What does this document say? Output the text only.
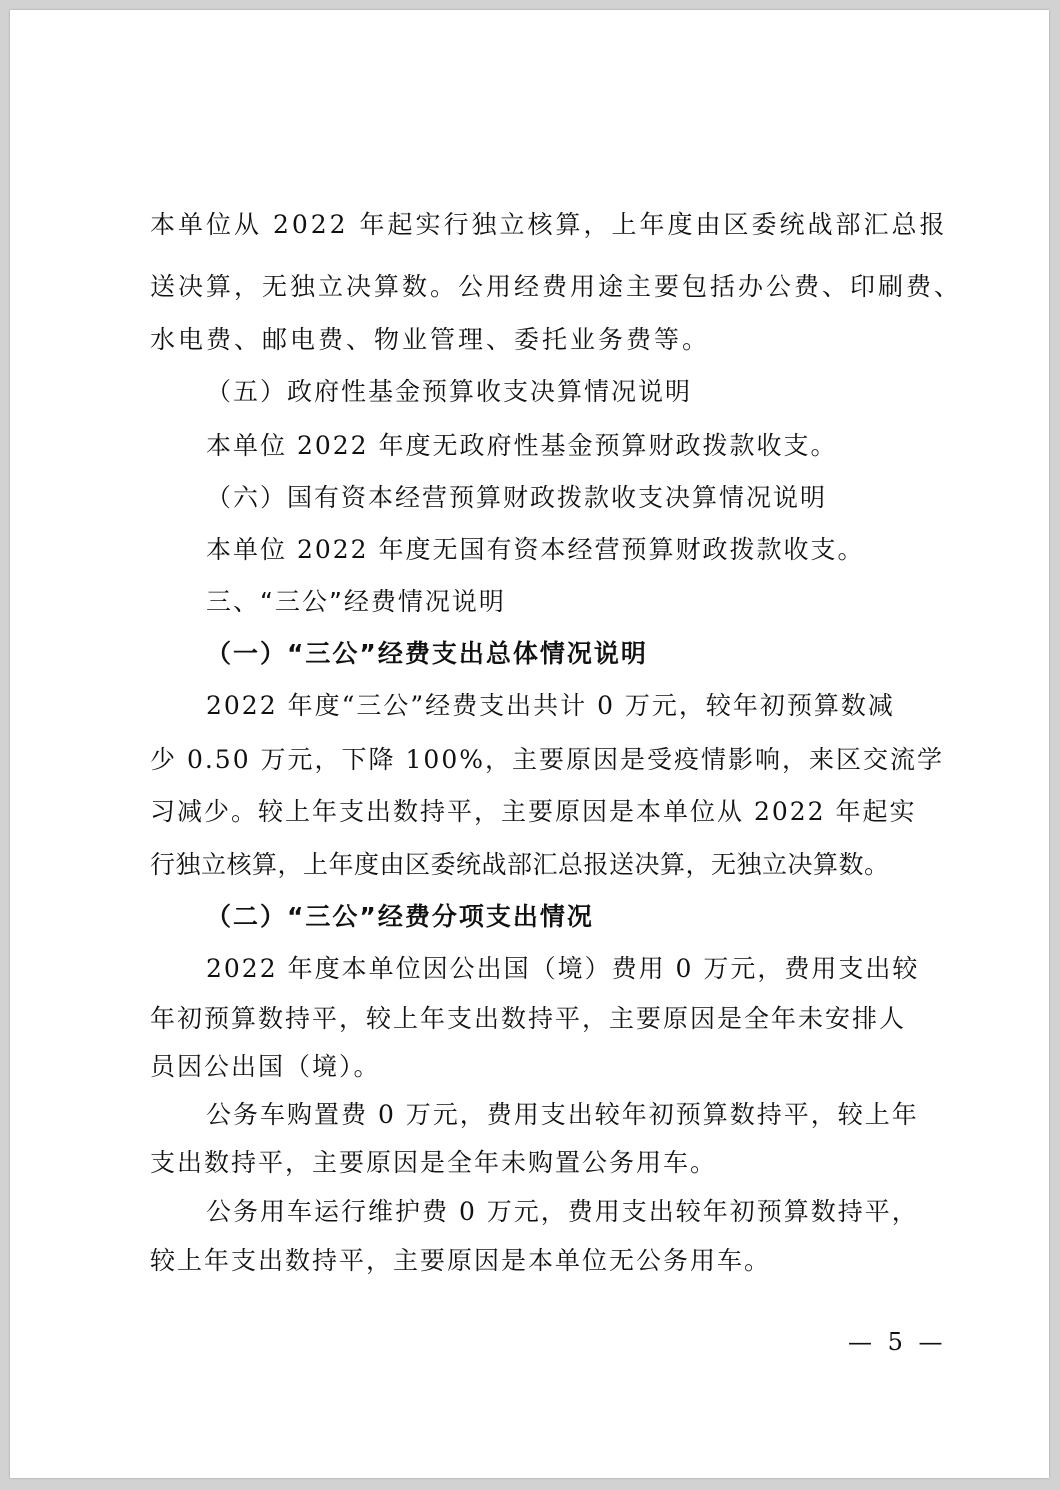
本单位从 2022 年起实行独立核算，上年度由区委统战部汇总报
送决算，无独立决算数。公用经费用途主要包括办公费、印刷费、
水电费、邮电费、物业管理、委托业务费等。
（五）政府性基金预算收支决算情况说明
本单位 2022 年度无政府性基金预算财政拨款收支。
（六）国有资本经营预算财政拨款收支决算情况说明
本单位 2022 年度无国有资本经营预算财政拨款收支。
三、“三公”经费情况说明
（一）“三公”经费支出总体情况说明
2022 年度“三公”经费支出共计 0 万元，较年初预算数减
少 0.50 万元，下降 100%，主要原因是受疫情影响，来区交流学
习减少。较上年支出数持平，主要原因是本单位从 2022 年起实
行独立核算，上年度由区委统战部汇总报送决算，无独立决算数。
（二）“三公”经费分项支出情况
2022 年度本单位因公出国（境）费用 0 万元，费用支出较
年初预算数持平，较上年支出数持平，主要原因是全年未安排人
员因公出国（境）。
公务车购置费 0 万元，费用支出较年初预算数持平，较上年
支出数持平，主要原因是全年未购置公务用车。
公务用车运行维护费 0 万元，费用支出较年初预算数持平，
较上年支出数持平，主要原因是本单位无公务用车。
— 5 —
